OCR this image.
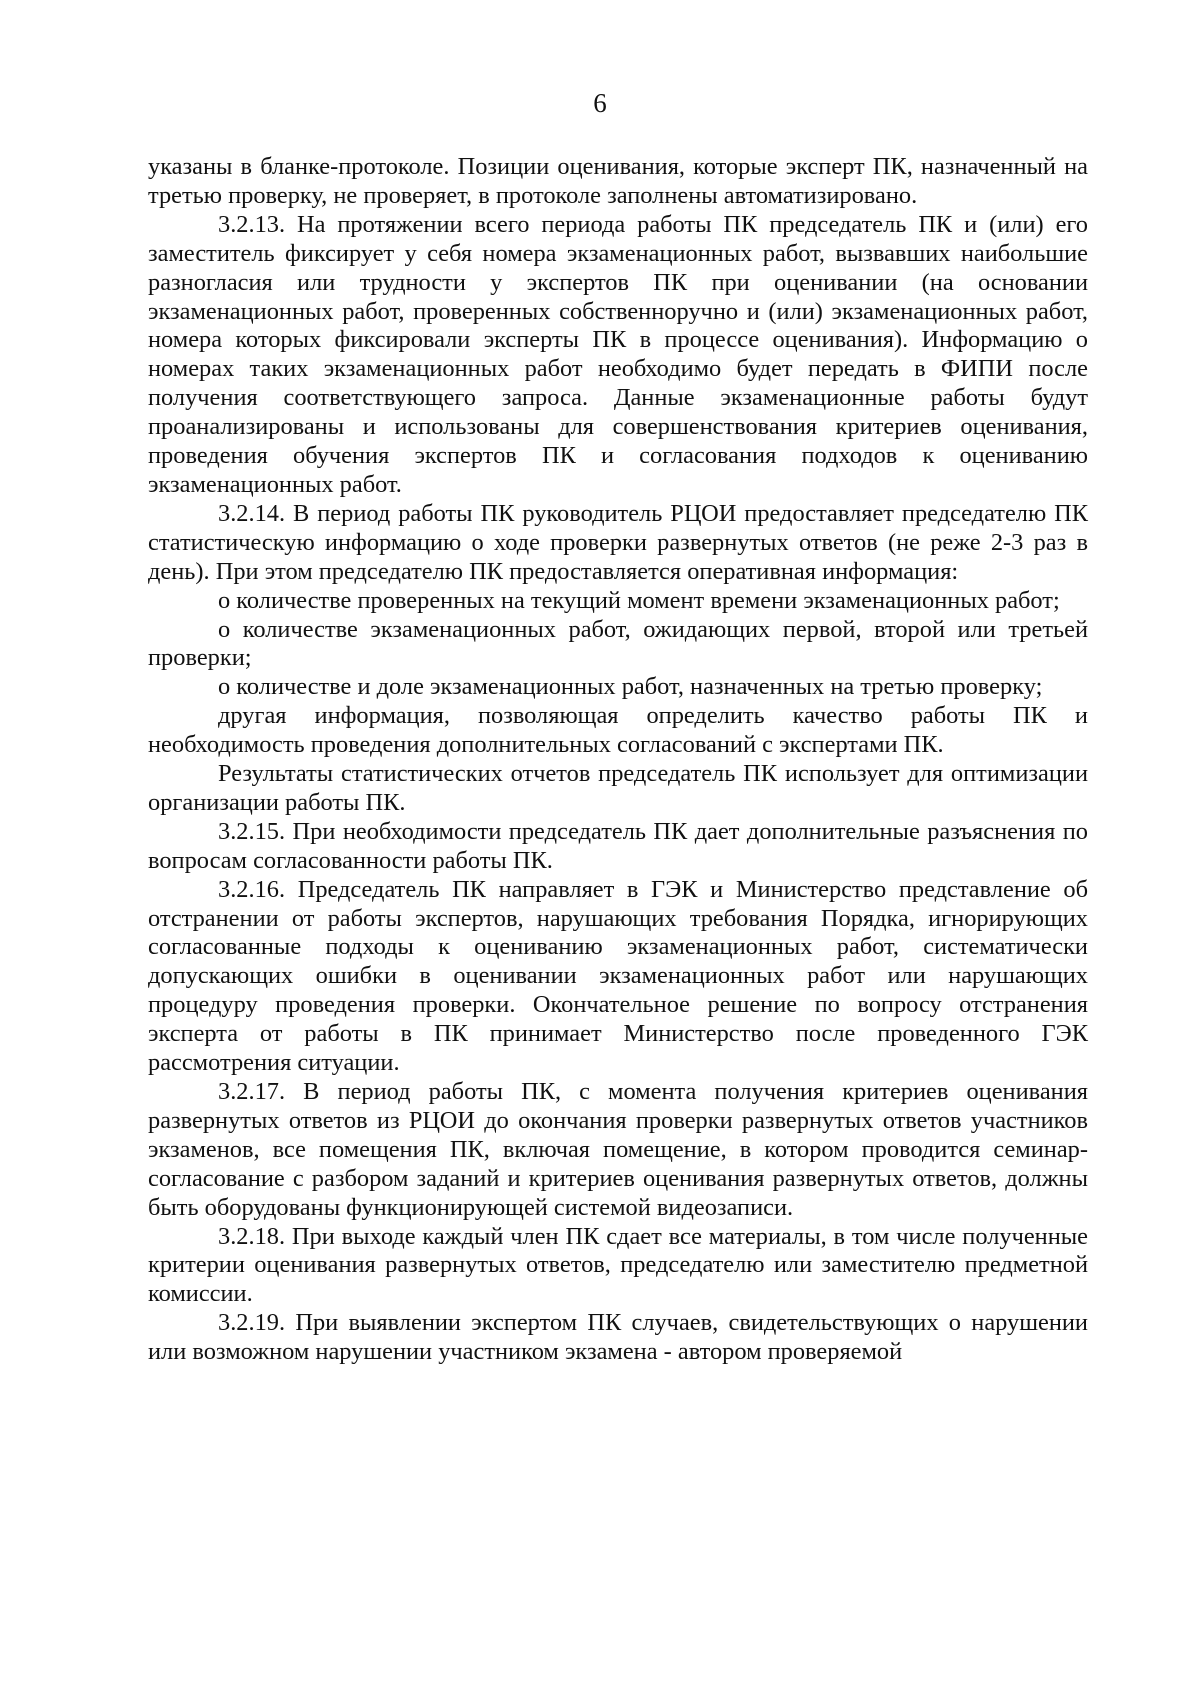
6

указаны в бланке-протоколе. Позиции оценивания, которые эксперт ПК, назначенный на третью проверку, не проверяет, в протоколе заполнены автоматизировано.

3.2.13. На протяжении всего периода работы ПК председатель ПК и (или) его заместитель фиксирует у себя номера экзаменационных работ, вызвавших наибольшие разногласия или трудности у экспертов ПК при оценивании (на основании экзаменационных работ, проверенных собственноручно и (или) экзаменационных работ, номера которых фиксировали эксперты ПК в процессе оценивания). Информацию о номерах таких экзаменационных работ необходимо будет передать в ФИПИ после получения соответствующего запроса. Данные экзаменационные работы будут проанализированы и использованы для совершенствования критериев оценивания, проведения обучения экспертов ПК и согласования подходов к оцениванию экзаменационных работ.

3.2.14. В период работы ПК руководитель РЦОИ предоставляет председателю ПК статистическую информацию о ходе проверки развернутых ответов (не реже 2-3 раз в день). При этом председателю ПК предоставляется оперативная информация:

о количестве проверенных на текущий момент времени экзаменационных работ;

о количестве экзаменационных работ, ожидающих первой, второй или третьей проверки;

о количестве и доле экзаменационных работ, назначенных на третью проверку;

другая информация, позволяющая определить качество работы ПК и необходимость проведения дополнительных согласований с экспертами ПК.

Результаты статистических отчетов председатель ПК использует для оптимизации организации работы ПК.

3.2.15. При необходимости председатель ПК дает дополнительные разъяснения по вопросам согласованности работы ПК.

3.2.16. Председатель ПК направляет в ГЭК и Министерство представление об отстранении от работы экспертов, нарушающих требования Порядка, игнорирующих согласованные подходы к оцениванию экзаменационных работ, систематически допускающих ошибки в оценивании экзаменационных работ или нарушающих процедуру проведения проверки. Окончательное решение по вопросу отстранения эксперта от работы в ПК принимает Министерство после проведенного ГЭК рассмотрения ситуации.

3.2.17. В период работы ПК, с момента получения критериев оценивания развернутых ответов из РЦОИ до окончания проверки развернутых ответов участников экзаменов, все помещения ПК, включая помещение, в котором проводится семинар-согласование с разбором заданий и критериев оценивания развернутых ответов, должны быть оборудованы функционирующей системой видеозаписи.

3.2.18. При выходе каждый член ПК сдает все материалы, в том числе полученные критерии оценивания развернутых ответов, председателю или заместителю предметной комиссии.

3.2.19. При выявлении экспертом ПК случаев, свидетельствующих о нарушении или возможном нарушении участником экзамена - автором проверяемой
